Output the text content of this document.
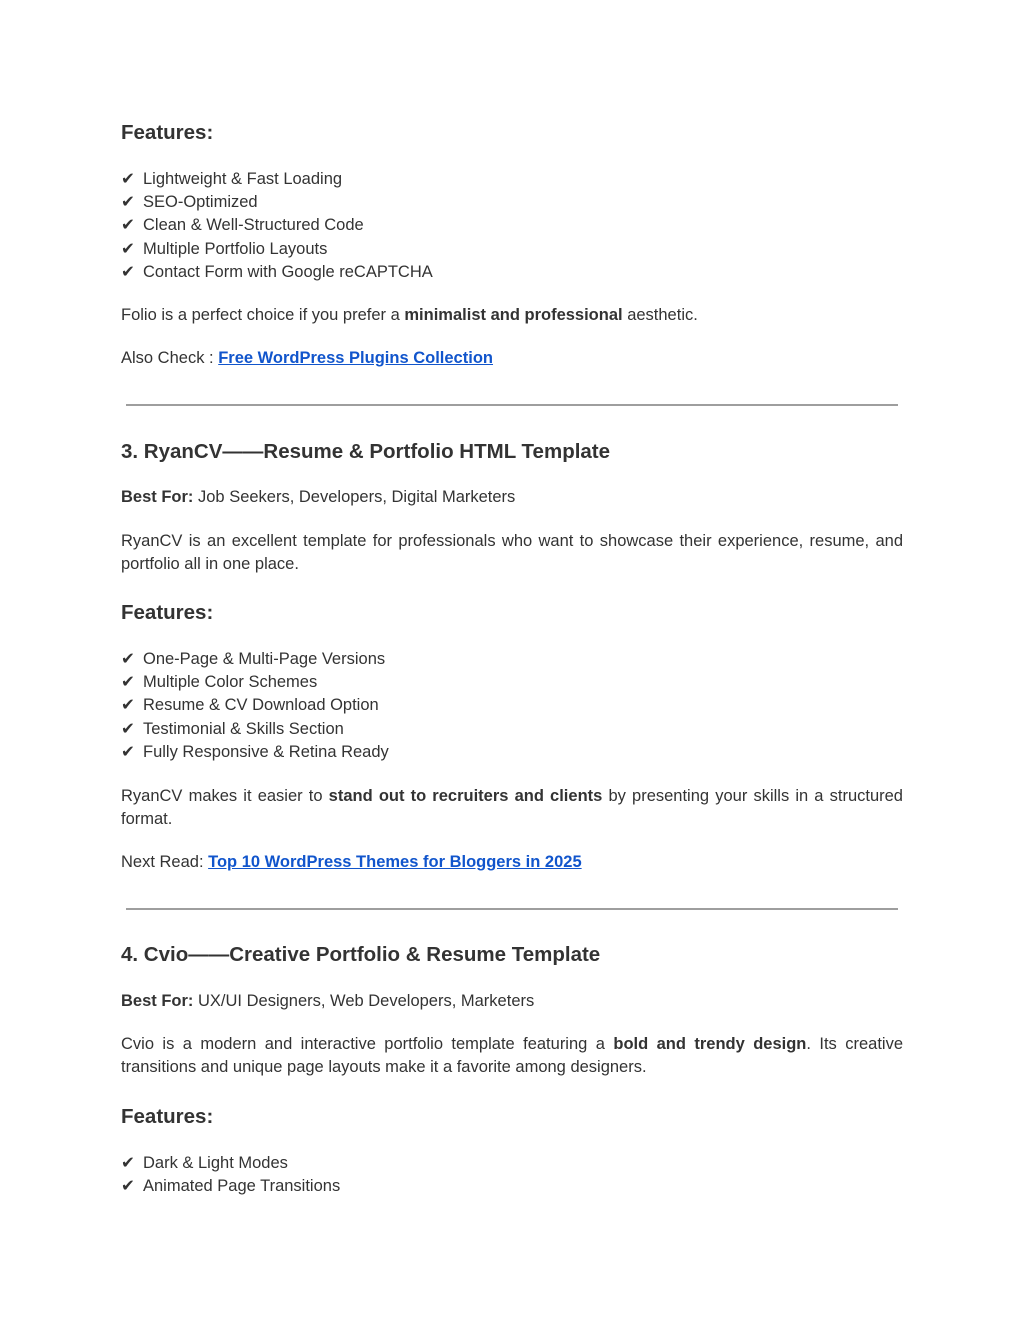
Features:
✔ Lightweight & Fast Loading
✔ SEO-Optimized
✔ Clean & Well-Structured Code
✔ Multiple Portfolio Layouts
✔ Contact Form with Google reCAPTCHA

Folio is a perfect choice if you prefer a minimalist and professional aesthetic.

Also Check : Free WordPress Plugins Collection

3. RyanCV——Resume & Portfolio HTML Template

Best For: Job Seekers, Developers, Digital Marketers

RyanCV is an excellent template for professionals who want to showcase their experience, resume, and portfolio all in one place.

Features:
✔ One-Page & Multi-Page Versions
✔ Multiple Color Schemes
✔ Resume & CV Download Option
✔ Testimonial & Skills Section
✔ Fully Responsive & Retina Ready

RyanCV makes it easier to stand out to recruiters and clients by presenting your skills in a structured format.

Next Read: Top 10 WordPress Themes for Bloggers in 2025

4. Cvio——Creative Portfolio & Resume Template

Best For: UX/UI Designers, Web Developers, Marketers

Cvio is a modern and interactive portfolio template featuring a bold and trendy design. Its creative transitions and unique page layouts make it a favorite among designers.

Features:
✔ Dark & Light Modes
✔ Animated Page Transitions
